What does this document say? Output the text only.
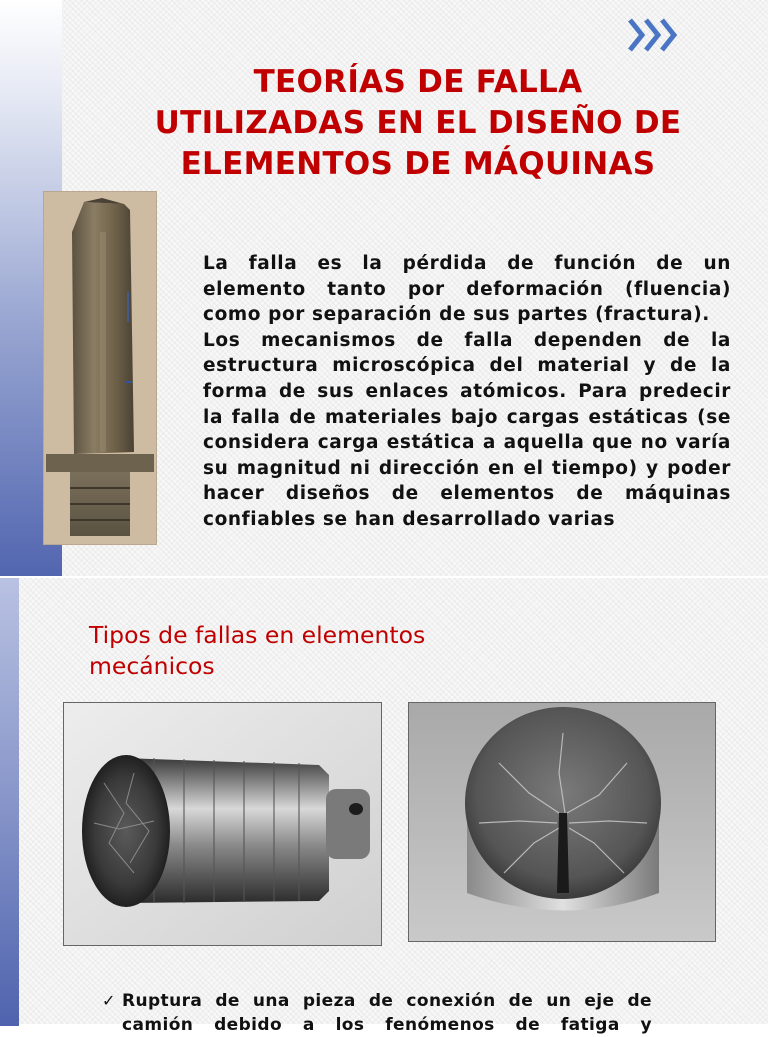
TEORÍAS DE FALLA
UTILIZADAS EN EL DISEÑO DE
ELEMENTOS DE MÁQUINAS

La falla es la pérdida de función de un elemento tanto por deformación (fluencia) como por separación de sus partes (fractura).

Los mecanismos de falla dependen de la estructura microscópica del material y de la forma de sus enlaces atómicos. Para predecir la falla de materiales bajo cargas estáticas (se considera carga estática a aquella que no varía su magnitud ni dirección en el tiempo) y poder hacer diseños de elementos de máquinas confiables se han desarrollado varias

Tipos de fallas en elementos
mecánicos
✓ Ruptura de una pieza de conexión de un eje de camión debido a los fenómenos de fatiga y
